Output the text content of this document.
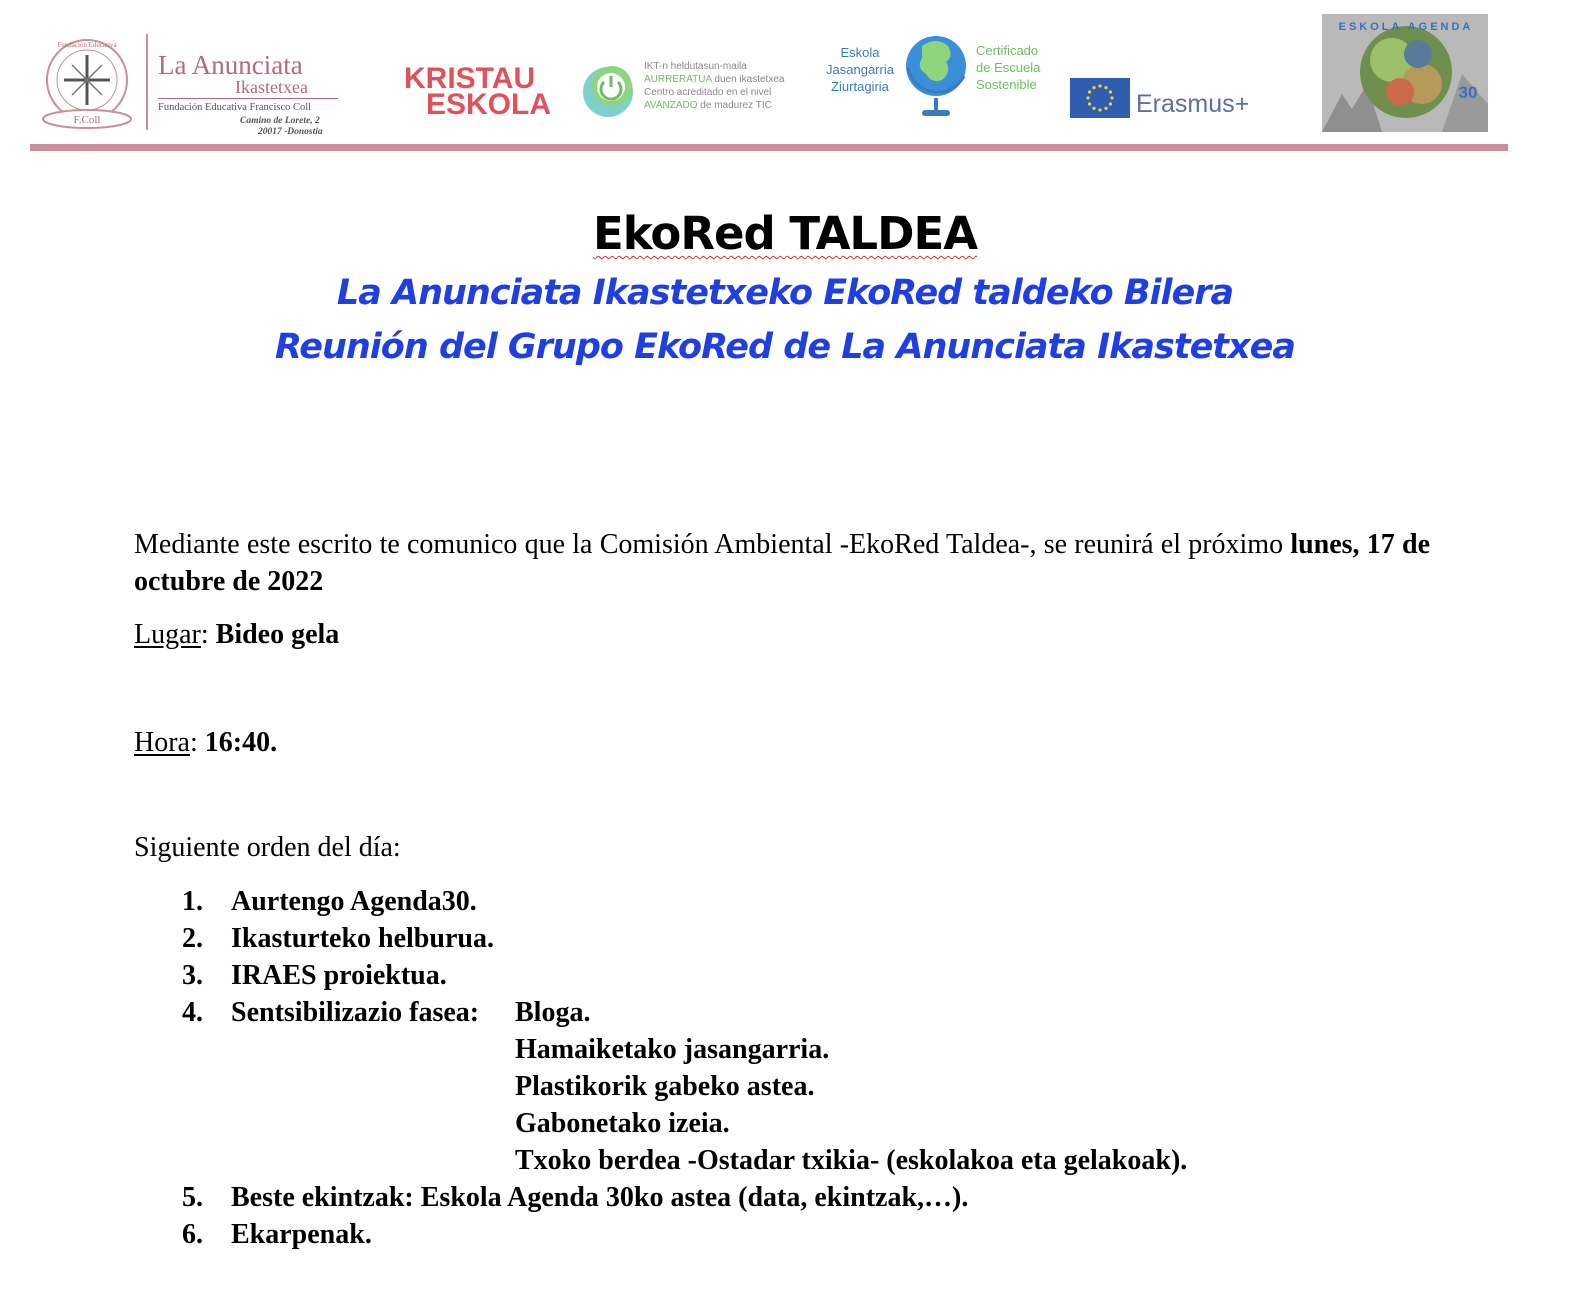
F.Coll
Fundación Educativa
La Anunciata
Ikastetxea
Fundación Educativa Francisco Coll
Camino de Lorete, 2
20017 -Donostia
KRISTAU
ESKOLA
IKT-n heldutasun-maila
AURRERATUA duen ikastetxea
Centro acreditado en el nivel
AVANZADO de madurez TIC
Eskola
Jasangarria
Ziurtagiria
Certificado
de Escuela
Sostenible
Erasmus+
ESKOLA AGENDA
30
EkoRed TALDEA
La Anunciata Ikastetxeko EkoRed taldeko Bilera
Reunión del Grupo EkoRed de La Anunciata Ikastetxea
Mediante este escrito te comunico que la Comisión Ambiental -EkoRed Taldea-, se reunirá el próximo lunes, 17 de octubre de 2022
Lugar: Bideo gela
Hora: 16:40.
Siguiente orden del día:
1. Aurtengo Agenda30.
2. Ikasturteko helburua.
3. IRAES proiektua.
4. Sentsibilizazio fasea: Bloga.
Hamaiketako jasangarria.
Plastikorik gabeko astea.
Gabonetako izeia.
Txoko berdea -Ostadar txikia- (eskolakoa eta gelakoak).
5. Beste ekintzak: Eskola Agenda 30ko astea (data, ekintzak,…).
6. Ekarpenak.
